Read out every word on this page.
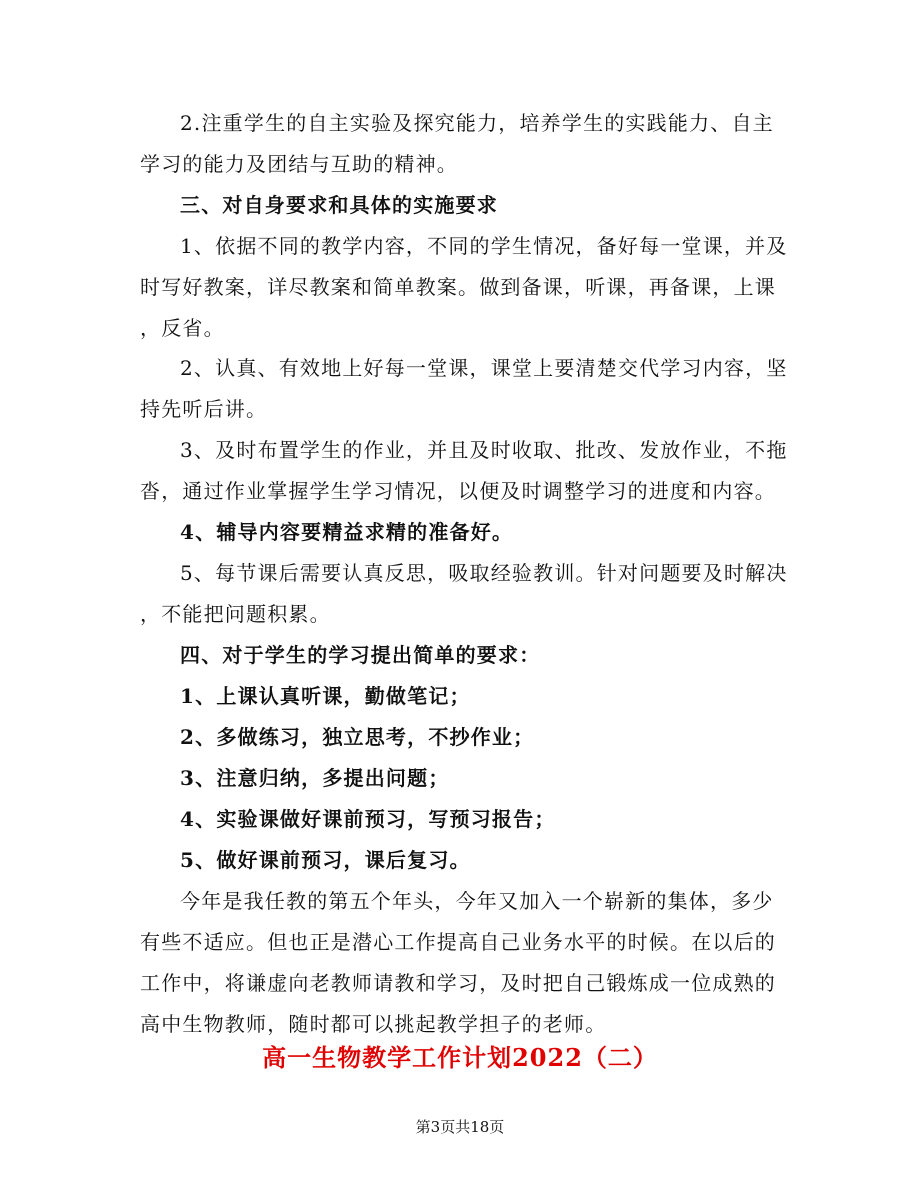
2.注重学生的自主实验及探究能力，培养学生的实践能力、自主
学习的能力及团结与互助的精神。
三、对自身要求和具体的实施要求
1、依据不同的教学内容，不同的学生情况，备好每一堂课，并及
时写好教案，详尽教案和简单教案。做到备课，听课，再备课，上课
，反省。
2、认真、有效地上好每一堂课，课堂上要清楚交代学习内容，坚
持先听后讲。
3、及时布置学生的作业，并且及时收取、批改、发放作业，不拖
沓，通过作业掌握学生学习情况，以便及时调整学习的进度和内容。
4、辅导内容要精益求精的准备好。
5、每节课后需要认真反思，吸取经验教训。针对问题要及时解决
，不能把问题积累。
四、对于学生的学习提出简单的要求：
1、上课认真听课，勤做笔记；
2、多做练习，独立思考，不抄作业；
3、注意归纳，多提出问题；
4、实验课做好课前预习，写预习报告；
5、做好课前预习，课后复习。
今年是我任教的第五个年头，今年又加入一个崭新的集体，多少
有些不适应。但也正是潜心工作提高自己业务水平的时候。在以后的
工作中，将谦虚向老教师请教和学习，及时把自己锻炼成一位成熟的
高中生物教师，随时都可以挑起教学担子的老师。

高一生物教学工作计划2022（二）

第3页共18页
